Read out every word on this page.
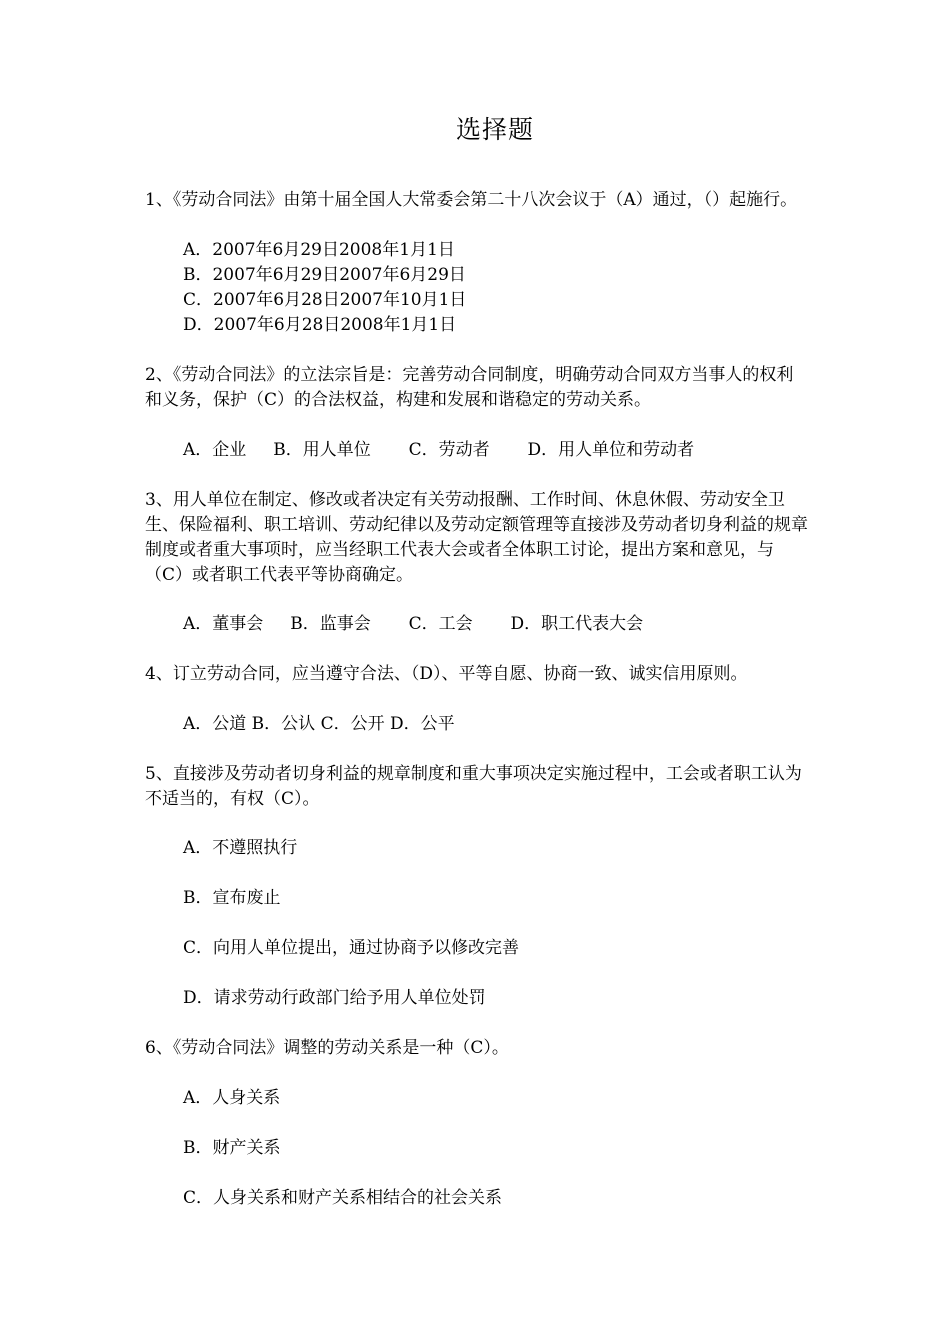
选择题

1、《劳动合同法》由第十届全国人大常委会第二十八次会议于（A）通过，（）起施行。

A．2007年6月29日2008年1月1日

B．2007年6月29日2007年6月29日

C．2007年6月28日2007年10月1日

D．2007年6月28日2008年1月1日

2、《劳动合同法》的立法宗旨是：完善劳动合同制度，明确劳动合同双方当事人的权利和义务，保护（C）的合法权益，构建和发展和谐稳定的劳动关系。

A．企业     B．用人单位       C．劳动者       D．用人单位和劳动者

3、用人单位在制定、修改或者决定有关劳动报酬、工作时间、休息休假、劳动安全卫生、保险福利、职工培训、劳动纪律以及劳动定额管理等直接涉及劳动者切身利益的规章制度或者重大事项时，应当经职工代表大会或者全体职工讨论，提出方案和意见，与（C）或者职工代表平等协商确定。

A．董事会     B．监事会       C．工会       D．职工代表大会

4、订立劳动合同，应当遵守合法、（D）、平等自愿、协商一致、诚实信用原则。

A．公道 B．公认 C．公开 D．公平

5、直接涉及劳动者切身利益的规章制度和重大事项决定实施过程中，工会或者职工认为不适当的，有权（C）。

A．不遵照执行

B．宣布废止

C．向用人单位提出，通过协商予以修改完善

D．请求劳动行政部门给予用人单位处罚

6、《劳动合同法》调整的劳动关系是一种（C）。

A．人身关系

B．财产关系

C．人身关系和财产关系相结合的社会关系
